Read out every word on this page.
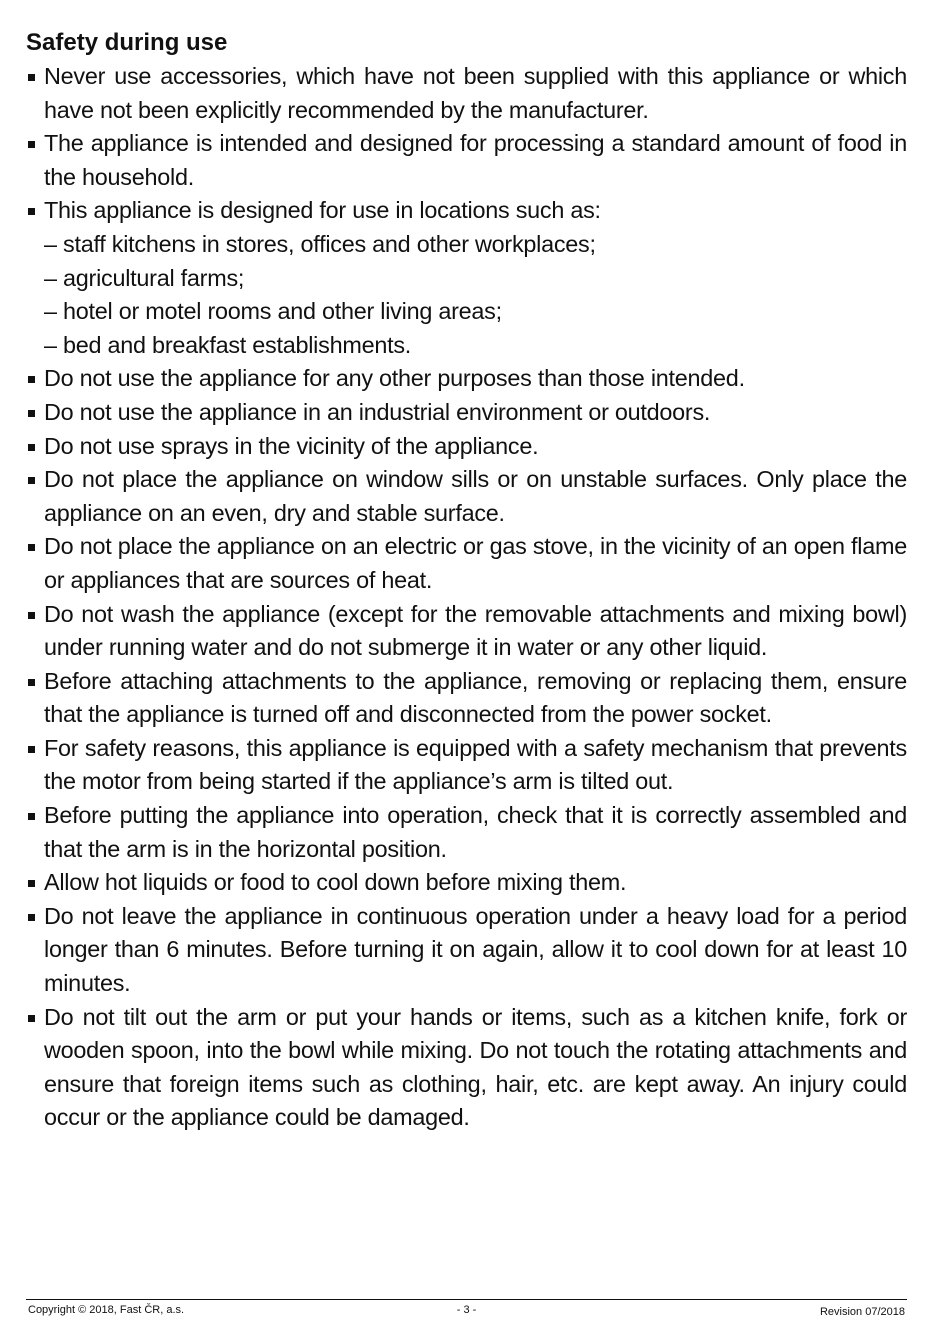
Safety during use
Never use accessories, which have not been supplied with this appliance or which have not been explicitly recommended by the manufacturer.
The appliance is intended and designed for processing a standard amount of food in the household.
This appliance is designed for use in locations such as:
– staff kitchens in stores, offices and other workplaces;
– agricultural farms;
– hotel or motel rooms and other living areas;
– bed and breakfast establishments.
Do not use the appliance for any other purposes than those intended.
Do not use the appliance in an industrial environment or outdoors.
Do not use sprays in the vicinity of the appliance.
Do not place the appliance on window sills or on unstable surfaces. Only place the appliance on an even, dry and stable surface.
Do not place the appliance on an electric or gas stove, in the vicinity of an open flame or appliances that are sources of heat.
Do not wash the appliance (except for the removable attachments and mixing bowl) under running water and do not submerge it in water or any other liquid.
Before attaching attachments to the appliance, removing or replacing them, ensure that the appliance is turned off and disconnected from the power socket.
For safety reasons, this appliance is equipped with a safety mechanism that prevents the motor from being started if the appliance’s arm is tilted out.
Before putting the appliance into operation, check that it is correctly assembled and that the arm is in the horizontal position.
Allow hot liquids or food to cool down before mixing them.
Do not leave the appliance in continuous operation under a heavy load for a period longer than 6 minutes. Before turning it on again, allow it to cool down for at least 10 minutes.
Do not tilt out the arm or put your hands or items, such as a kitchen knife, fork or wooden spoon, into the bowl while mixing. Do not touch the rotating attachments and ensure that foreign items such as clothing, hair, etc. are kept away. An injury could occur or the appliance could be damaged.
Copyright © 2018, Fast ČR, a.s.	- 3 -	Revision 07/2018
